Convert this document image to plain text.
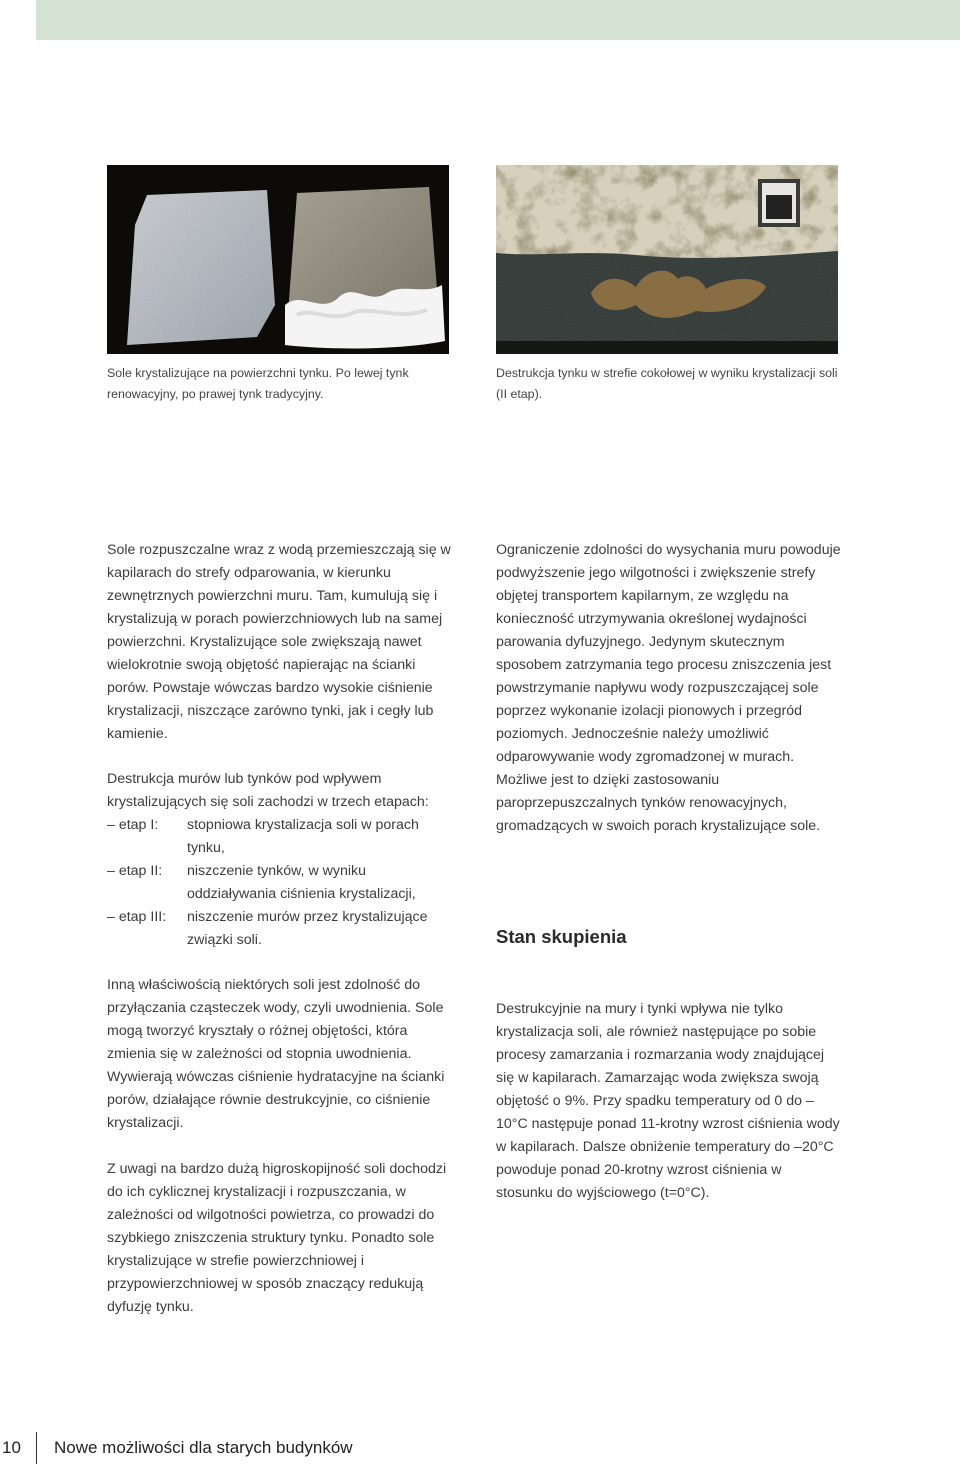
Sole krystalizujące na powierzchni tynku. Po lewej tynk renowacyjny, po prawej tynk tradycyjny.

Destrukcja tynku w strefie cokołowej w wyniku krystalizacji soli (II etap).

Sole rozpuszczalne wraz z wodą przemieszczają się w kapilarach do strefy odparowania, w kierunku zewnętrznych powierzchni muru. Tam, kumulują się i krystalizują w porach powierzchniowych lub na samej powierzchni. Krystalizujące sole zwiększają nawet wielokrotnie swoją objętość napierając na ścianki porów. Powstaje wówczas bardzo wysokie ciśnienie krystalizacji, niszczące zarówno tynki, jak i cegły lub kamienie.

Destrukcja murów lub tynków pod wpływem krystalizujących się soli zachodzi w trzech etapach:

– etap I:	stopniowa krystalizacja soli w porach tynku,
– etap II:	niszczenie tynków, w wyniku oddziaływania ciśnienia krystalizacji,
– etap III:	niszczenie murów przez krystalizujące związki soli.

Inną właściwością niektórych soli jest zdolność do przyłączania cząsteczek wody, czyli uwodnienia. Sole mogą tworzyć kryształy o różnej objętości, która zmienia się w zależności od stopnia uwodnienia. Wywierają wówczas ciśnienie hydratacyjne na ścianki porów, działające równie destrukcyjnie, co ciśnienie krystalizacji.

Z uwagi na bardzo dużą higroskopijność soli dochodzi do ich cyklicznej krystalizacji i rozpuszczania, w zależności od wilgotności powietrza, co prowadzi do szybkiego zniszczenia struktury tynku. Ponadto sole krystalizujące w strefie powierzchniowej i przypowierzchniowej w sposób znaczący redukują dyfuzję tynku.

Ograniczenie zdolności do wysychania muru powoduje podwyższenie jego wilgotności i zwiększenie strefy objętej transportem kapilarnym, ze względu na konieczność utrzymywania określonej wydajności parowania dyfuzyjnego. Jedynym skutecznym sposobem zatrzymania tego procesu zniszczenia jest powstrzymanie napływu wody rozpuszczającej sole poprzez wykonanie izolacji pionowych i przegród poziomych. Jednocześnie należy umożliwić odparowywanie wody zgromadzonej w murach. Możliwe jest to dzięki zastosowaniu paroprzepuszczalnych tynków renowacyjnych, gromadzących w swoich porach krystalizujące sole.

Stan skupienia

Destrukcyjnie na mury i tynki wpływa nie tylko krystalizacja soli, ale również następujące po sobie procesy zamarzania i rozmarzania wody znajdującej się w kapilarach. Zamarzając woda zwiększa swoją objętość o 9%. Przy spadku temperatury od 0 do –10°C następuje ponad 11-krotny wzrost ciśnienia wody w kapilarach. Dalsze obniżenie temperatury do –20°C powoduje ponad 20-krotny wzrost ciśnienia w stosunku do wyjściowego (t=0°C).

10 Nowe możliwości dla starych budynków
